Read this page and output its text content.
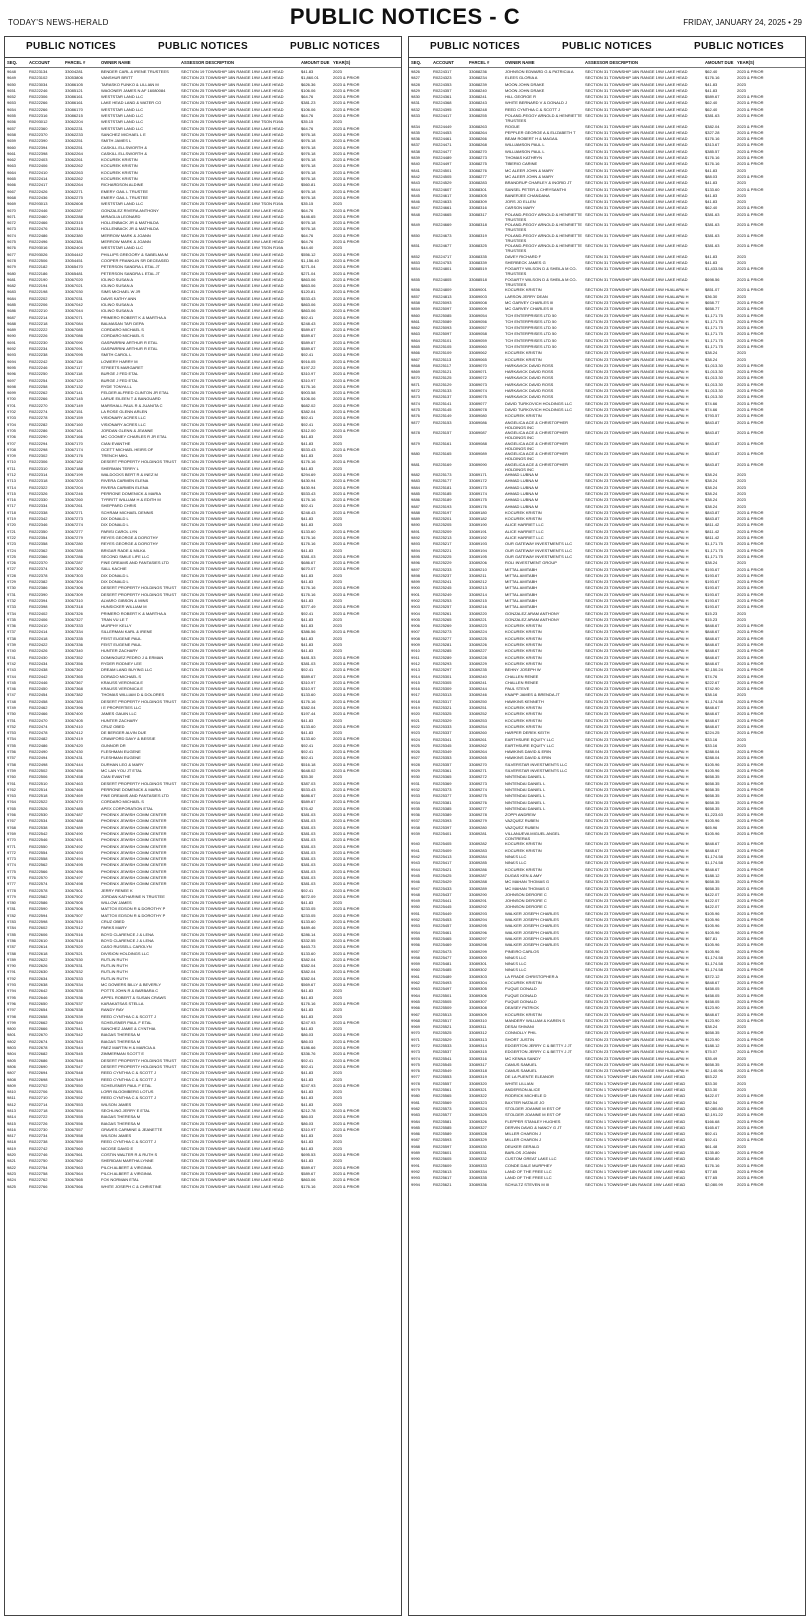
TODAY'S NEWS-HERALD	PUBLIC NOTICES - C	FRIDAY, JANUARY 24, 2025 • 29
PUBLIC NOTICES	PUBLIC NOTICES	PUBLIC NOTICES
SEQ.	ACCOUNT	PARCEL #	OWNER NAME	ASSESSOR DESCRIPTION	AMOUNT DUE YEAR(S)
9648	R0223134	33004281	BENDER CARL & IRENE TRUSTEES	SECTION 19 TOWNSHIP 18N RANGE 19W LAKE HEAD	$41.83	2023
9649	R0223102	33053806	VANSHUR BRITT	SECTION 23 TOWNSHIP 18N RANGE 19W LAKE HEAD	$1,860.01	2023 & PRIOR
9650	R0223034	33086105	TARASKO FUNKO & LILLIAN M	SECTION 25 TOWNSHIP 18N RANGE 19W LAKE HEAD	$626.36	2023 & PRIOR
9651	R0222246	33085121	WAGONER JAMES N AF 16080084	SECTION 25 TOWNSHIP 18N RANGE 19W LAKE HEAD	$106.06	2023 & PRIOR
9652	R0222306	33086161	WESTSTAR LAND LLC	SECTION 25 TOWNSHIP 18N RANGE 19W LAKE HEAD	$64.76	2023 & PRIOR
9653	R0222266	33086161	LAKE HEAD LAND & WATER CO	SECTION 25 TOWNSHIP 18N RANGE 19W LAKE HEAD	$381.23	2023 & PRIOR
9654	R0222266	33086170	WESTSTAR LAND LLC	SECTION 25 TOWNSHIP 18N RANGE 19W LAKE HEAD	$106.06	2023 & PRIOR
9655	R0222316	33086215	WESTSTAR LAND LLC	SECTION 25 TOWNSHIP 18N RANGE 19W LAKE HEAD	$64.76	2023 & PRIOR
9656	R0293012	33062204	WESTSTAR LAND LLC	SECTION 25 TOWNSHIP 18N RANGE 19W TSON R19A	$35.15	2023
9657	R0222360	33062231	WESTSTAR LAND LLC	SECTION 25 TOWNSHIP 18N RANGE 19W LAKE HEAD	$64.76	2023 & PRIOR
9658	R0222370	33062233	SANCHEZ MICHAEL L E	SECTION 25 TOWNSHIP 18N RANGE 19W LAKE HEAD	$976.18	2023 & PRIOR
9659	R0222390	33062251	SMITH JAMES L	SECTION 25 TOWNSHIP 18N RANGE 19W LAKE HEAD	$976.18	2023 & PRIOR
9660	R0222394	33062251	CASKILL ELLSWORTH &	SECTION 25 TOWNSHIP 18N RANGE 19W LAKE HEAD	$976.18	2023 & PRIOR
9661	R0222398	33062264	CASKILL ELLSWORTH &	SECTION 25 TOWNSHIP 18N RANGE 19W LAKE HEAD	$976.18	2023 & PRIOR
9662	R0222403	33062261	KOCUREK KRISTIN	SECTION 25 TOWNSHIP 18N RANGE 19W LAKE HEAD	$976.18	2023 & PRIOR
9663	R0222406	33062262	KOCUREK KRISTIN	SECTION 25 TOWNSHIP 18N RANGE 19W LAKE HEAD	$976.18	2023 & PRIOR
9664	R0222410	33062263	KOCUREK KRISTIN	SECTION 25 TOWNSHIP 18N RANGE 19W LAKE HEAD	$976.18	2023 & PRIOR
9665	R0222414	33062262	KOCUREK KRISTIN	SECTION 25 TOWNSHIP 18N RANGE 19W LAKE HEAD	$976.18	2023 & PRIOR
9666	R0222417	33062264	RICHARDSON ALDINE	SECTION 25 TOWNSHIP 18N RANGE 19W LAKE HEAD	$560.81	2023 & PRIOR
9667	R0222426	33062271	EMERY GAIL L TRUSTEE	SECTION 25 TOWNSHIP 18N RANGE 19W LAKE HEAD	$976.18	2023 & PRIOR
9668	R0222436	33062275	EMERY GAIL L TRUSTEE	SECTION 25 TOWNSHIP 18N RANGE 19W LAKE HEAD	$976.18	2023 & PRIOR
9669	R0293013	33062608	WESTSTAR LAND LLC	SECTION 25 TOWNSHIP 18N RANGE 19W TSON R19A	$35.15	2023
9670	R0222446	33062287	GONZALEZ RIVERA ANTHONY	SECTION 25 TOWNSHIP 18N RANGE 19W LAKE HEAD	$64.76	2023 & PRIOR
9671	R0222460	33062288	MIRAGLIA LEONARD	SECTION 25 TOWNSHIP 18N RANGE 19W LAKE HEAD	$446.65	2023 & PRIOR
9672	R0222466	33062315	HOLLENBACK JR & MATHILDA	SECTION 25 TOWNSHIP 18N RANGE 19W LAKE HEAD	$976.18	2023 & PRIOR
9673	R0222476	33062316	HOLLENBACK JR & MATHILDA	SECTION 25 TOWNSHIP 18N RANGE 19W LAKE HEAD	$976.18	2023 & PRIOR
9674	R0222486	33062380	MERROW MARK & JOANN	SECTION 25 TOWNSHIP 18N RANGE 19W LAKE HEAD	$64.76	2023 & PRIOR
9675	R0222496	33062381	MERROW MARK & JOANN	SECTION 25 TOWNSHIP 18N RANGE 19W LAKE HEAD	$64.76	2023 & PRIOR
9676	R0293016	33062404	WESTSTAR LAND LLC	SECTION 25 TOWNSHIP 18N RANGE 19W TSON R19A	$44.40	2023
9677	R0293026	33054442	PHILLIPS GREGORY & SABELMA M	SECTION 25 TOWNSHIP 18N RANGE 19W LAKE HEAD	$556.12	2023 & PRIOR
9678	R0222506	33054451	COOPER FRANKLIN SR DECEASED	SECTION 25 TOWNSHIP 18N RANGE 19W LAKE HEAD	$1,156.40	2023 & PRIOR
9679	R0222182	33065470	PETERSON SANDRA L ETAL JT	SECTION 25 TOWNSHIP 18N RANGE 19W LAKE HEAD	$271.04	2023 & PRIOR
9680	R0222186	33065481	PETERSON SANDRA L ETAL JT	SECTION 25 TOWNSHIP 18N RANGE 19W LAKE HEAD	$271.04	2023 & PRIOR
9681	R0222190	33067020	IOLINO SUSAN A	SECTION 25 TOWNSHIP 18N RANGE 19W LAKE HEAD	$863.06	2023 & PRIOR
9682	R0222194	33067021	IOLINO SUSAN A	SECTION 25 TOWNSHIP 18N RANGE 19W LAKE HEAD	$863.06	2023 & PRIOR
9683	R0222198	33067030	SIMS MICHAEL W JR	SECTION 25 TOWNSHIP 18N RANGE 19W LAKE HEAD	$120.81	2023 & PRIOR
9684	R0222202	33067031	DAVIS KATHY ANN	SECTION 25 TOWNSHIP 18N RANGE 19W LAKE HEAD	$533.43	2023 & PRIOR
9685	R0222206	33067042	IOLINO SUSAN A	SECTION 25 TOWNSHIP 18N RANGE 19W LAKE HEAD	$863.06	2023 & PRIOR
9686	R0222210	33067044	IOLINO SUSAN A	SECTION 25 TOWNSHIP 18N RANGE 19W LAKE HEAD	$863.06	2023 & PRIOR
9687	R0222214	33067071	PRIMERO ROBERT K & MARTHA A	SECTION 25 TOWNSHIP 18N RANGE 19W LAKE HEAD	$92.41	2023 & PRIOR
9688	R0222218	33067084	BALMASAN TAFI DEPA	SECTION 25 TOWNSHIP 18N RANGE 19W LAKE HEAD	$248.43	2023 & PRIOR
9689	R0222222	33067085	CORDARO MICHAEL S	SECTION 25 TOWNSHIP 18N RANGE 19W LAKE HEAD	$589.67	2023 & PRIOR
9690	R0222226	33067086	CORDARO MICHAEL S	SECTION 25 TOWNSHIP 18N RANGE 19W LAKE HEAD	$589.67	2023 & PRIOR
9691	R0222230	33067090	GASPARRINI ARTHUR R ETAL	SECTION 25 TOWNSHIP 18N RANGE 19W LAKE HEAD	$589.67	2023 & PRIOR
9692	R0222234	33067091	GASPARRINI ARTHUR R ETAL	SECTION 25 TOWNSHIP 18N RANGE 19W LAKE HEAD	$589.67	2023 & PRIOR
9693	R0222238	33067095	SMITH CAROL L	SECTION 25 TOWNSHIP 18N RANGE 19W LAKE HEAD	$92.41	2023 & PRIOR
9694	R0222242	33067116	LOWERY HARRY M	SECTION 25 TOWNSHIP 18N RANGE 19W LAKE HEAD	$916.05	2023 & PRIOR
9695	R0222246	33067117	STREETS MARGARET	SECTION 25 TOWNSHIP 18N RANGE 19W LAKE HEAD	$197.22	2023 & PRIOR
9696	R0222250	33067118	BURGE J FED ETAL	SECTION 25 TOWNSHIP 18N RANGE 19W LAKE HEAD	$310.97	2023 & PRIOR
9697	R0222254	33067120	BURGE J FED ETAL	SECTION 25 TOWNSHIP 18N RANGE 19W LAKE HEAD	$310.97	2023 & PRIOR
9698	R0222258	33067132	RYDE TONYA LL	SECTION 25 TOWNSHIP 18N RANGE 19W LAKE HEAD	$176.16	2023 & PRIOR
9699	R0222262	33067141	FELDER ALFRED CLINTON JR ETAL	SECTION 25 TOWNSHIP 18N RANGE 19W LAKE HEAD	$903.58	2023 & PRIOR
9700	R0222266	33067145	LARUE EILEEN T & BANGUARD	SECTION 25 TOWNSHIP 18N RANGE 19W LAKE HEAD	$106.06	2023 & PRIOR
9701	R0222270	33067149	MARSHALL PAUL R & JUANITA C	SECTION 25 TOWNSHIP 18N RANGE 19W LAKE HEAD	$682.02	2023 & PRIOR
9702	R0222274	33067151	LA ROSE GLENN ARLEN	SECTION 25 TOWNSHIP 18N RANGE 19W LAKE HEAD	$382.04	2023 & PRIOR
9703	R0222278	33067159	VISIONARY ACRES LLC	SECTION 25 TOWNSHIP 18N RANGE 19W LAKE HEAD	$92.41	2023 & PRIOR
9704	R0222282	33067160	VISIONARY ACRES LLC	SECTION 25 TOWNSHIP 18N RANGE 19W LAKE HEAD	$92.41	2023 & PRIOR
9705	R0222286	33067161	JORDAN GLENN & JEANNE	SECTION 25 TOWNSHIP 18N RANGE 19W LAKE HEAD	$312.00	2023 & PRIOR
9706	R0222290	33067166	MC COOMEY CHARLES R JR ETAL	SECTION 25 TOWNSHIP 18N RANGE 19W LAKE HEAD	$41.83	2023
9707	R0222294	33067170	CIAN EVANTHE	SECTION 25 TOWNSHIP 18N RANGE 19W LAKE HEAD	$41.83	2023
9708	R0222298	33067174	OCETT MICHAEL HEIRS OF	SECTION 25 TOWNSHIP 18N RANGE 19W LAKE HEAD	$533.43	2023 & PRIOR
9709	R0222302	33067176	TRENCH MIKL	SECTION 25 TOWNSHIP 18N RANGE 19W LAKE HEAD	$41.83	2023
9710	R0222306	33067182	DESERT PROPERTY HOLDINGS TRUST	SECTION 25 TOWNSHIP 18N RANGE 19W LAKE HEAD	$176.16	2023 & PRIOR
9711	R0222310	33067188	SHERMAN TERRY L	SECTION 25 TOWNSHIP 18N RANGE 19W LAKE HEAD	$41.83	2023
9712	R0222314	33067199	WALDOCKS BERT R & INEZ M	SECTION 25 TOWNSHIP 18N RANGE 19W LAKE HEAD	$294.69	2023 & PRIOR
9713	R0222318	33067203	RIVERA CARMEN ELENA	SECTION 25 TOWNSHIP 18N RANGE 19W LAKE HEAD	$430.94	2023 & PRIOR
9714	R0222322	33067204	RIVERA CARMEN ELENA	SECTION 25 TOWNSHIP 18N RANGE 19W LAKE HEAD	$430.94	2023 & PRIOR
9715	R0222326	33067246	PERRONE DOMENICK & MARIA	SECTION 25 TOWNSHIP 18N RANGE 19W LAKE HEAD	$533.43	2023 & PRIOR
9716	R0222330	33067260	TYRRITT WILLIAM H & EDITH M	SECTION 25 TOWNSHIP 18N RANGE 19W LAKE HEAD	$176.16	2023 & PRIOR
9717	R0222334	33067261	SHEPPARD CHRIS	SECTION 25 TOWNSHIP 18N RANGE 19W LAKE HEAD	$92.41	2023 & PRIOR
9718	R0222338	33067271	SCHRAM MICHAEL DENNIS	SECTION 25 TOWNSHIP 18N RANGE 19W LAKE HEAD	$248.43	2023 & PRIOR
9719	R0222342	33067273	DIX DONALD L	SECTION 25 TOWNSHIP 18N RANGE 19W LAKE HEAD	$41.83	2023
9720	R0222346	33067274	DIX DONALD L	SECTION 25 TOWNSHIP 18N RANGE 19W LAKE HEAD	$41.83	2023
9721	R0222350	33067277	PARISI CAROL LYN	SECTION 25 TOWNSHIP 18N RANGE 19W LAKE HEAD	$133.60	2023 & PRIOR
9722	R0222354	33067279	REYES GEORGE & DOROTHY	SECTION 25 TOWNSHIP 18N RANGE 19W LAKE HEAD	$176.16	2023 & PRIOR
9723	R0222358	33067280	REYES GEORGE & DOROTHY	SECTION 25 TOWNSHIP 18N RANGE 19W LAKE HEAD	$176.16	2023 & PRIOR
9724	R0222362	33067285	BRIGAR RADE & MILKA	SECTION 25 TOWNSHIP 18N RANGE 19W LAKE HEAD	$41.83	2023
9725	R0222366	33067286	SECOND SMILE LIFE LLC	SECTION 25 TOWNSHIP 18N RANGE 19W LAKE HEAD	$381.03	2023 & PRIOR
9726	R0222370	33067287	FINE DREAMS AND FANTASIES LTD	SECTION 25 TOWNSHIP 18N RANGE 19W LAKE HEAD	$686.67	2023 & PRIOR
9727	R0222374	33067302	SALL KACHIE	SECTION 25 TOWNSHIP 18N RANGE 19W LAKE HEAD	$670.07	2023 & PRIOR
9728	R0222378	33067303	DIX DONALD L	SECTION 25 TOWNSHIP 18N RANGE 19W LAKE HEAD	$41.83	2023
9729	R0222382	33067304	DIX DONALD L	SECTION 25 TOWNSHIP 18N RANGE 19W LAKE HEAD	$41.83	2023
9730	R0222386	33067306	DESERT PROPERTY HOLDINGS TRUST	SECTION 25 TOWNSHIP 18N RANGE 19W LAKE HEAD	$176.16	2023 & PRIOR
9731	R0222390	33067309	DESERT PROPERTY HOLDINGS TRUST	SECTION 25 TOWNSHIP 18N RANGE 19W LAKE HEAD	$176.16	2023 & PRIOR
9732	R0222394	33067310	ALVARO GIBSON & MINS	SECTION 25 TOWNSHIP 18N RANGE 19W LAKE HEAD	$41.83	2023
9733	R0222398	33067318	HUNSICKER WILLIAM M	SECTION 25 TOWNSHIP 18N RANGE 19W LAKE HEAD	$377.49	2023 & PRIOR
9734	R0222402	33067326	PRIMERO ROBERT K & MARTHA A	SECTION 25 TOWNSHIP 18N RANGE 19W LAKE HEAD	$92.41	2023 & PRIOR
9735	R0222406	33067327	TRAN VU LE T	SECTION 25 TOWNSHIP 18N RANGE 19W LAKE HEAD	$41.83	2023
9736	R0222410	33067333	MURPHY KELLY	SECTION 25 TOWNSHIP 18N RANGE 19W LAKE HEAD	$41.83	2023
9737	R0222414	33067334	SILLERMAN KARL & IRENE	SECTION 25 TOWNSHIP 18N RANGE 19W LAKE HEAD	$386.56	2023 & PRIOR
9738	R0222418	33067335	FEIST EUGENE PAUL	SECTION 25 TOWNSHIP 18N RANGE 19W LAKE HEAD	$41.83	2023
9739	R0222422	33067336	FEIST EUGENE PAUL	SECTION 25 TOWNSHIP 18N RANGE 19W LAKE HEAD	$41.83	2023
9740	R0222426	33067340	HUNTER ZACHARY	SECTION 25 TOWNSHIP 18N RANGE 19W LAKE HEAD	$41.83	2023
9741	R0222430	33067352	DOMINGUEZ PEDRO J & ERMAN	SECTION 25 TOWNSHIP 18N RANGE 19W LAKE HEAD	$481.53	2023 & PRIOR
9742	R0222434	33067356	RYDER RODNEY LEE	SECTION 25 TOWNSHIP 18N RANGE 19W LAKE HEAD	$381.03	2023 & PRIOR
9743	R0222438	33067362	DREAM LAND BUYING LLC	SECTION 25 TOWNSHIP 18N RANGE 19W LAKE HEAD	$92.41	2023 & PRIOR
9744	R0222442	33067365	DORADO MICHAEL S	SECTION 25 TOWNSHIP 18N RANGE 19W LAKE HEAD	$589.67	2023 & PRIOR
9745	R0222446	33067367	KRAUSS VERONICA E	SECTION 25 TOWNSHIP 18N RANGE 19W LAKE HEAD	$310.97	2023 & PRIOR
9746	R0222450	33067368	KRAUSS VERONICA E	SECTION 25 TOWNSHIP 18N RANGE 19W LAKE HEAD	$310.97	2023 & PRIOR
9747	R0222454	33067382	THOMAS WILLIAM D & DOLORES	SECTION 25 TOWNSHIP 18N RANGE 19W LAKE HEAD	$133.60	2023 & PRIOR
9748	R0222458	33067383	DESERT PROPERTY HOLDINGS TRUST	SECTION 25 TOWNSHIP 18N RANGE 19W LAKE HEAD	$176.16	2023 & PRIOR
9749	R0222462	33067396	I E PROPERTIES LLC	SECTION 25 TOWNSHIP 18N RANGE 19W LAKE HEAD	$382.04	2023 & PRIOR
9750	R0222466	33067400	JAMES GAUIN LLC	SECTION 25 TOWNSHIP 18N RANGE 19W LAKE HEAD	$197.44	2023 & PRIOR
9751	R0222470	33067405	HUNTER ZACHARY	SECTION 25 TOWNSHIP 18N RANGE 19W LAKE HEAD	$41.83	2023
9752	R0222474	33067410	CRUZ OBED	SECTION 25 TOWNSHIP 18N RANGE 19W LAKE HEAD	$133.60	2023 & PRIOR
9753	R0222478	33067412	DE BERGER ALVIN DUE	SECTION 25 TOWNSHIP 18N RANGE 19W LAKE HEAD	$41.83	2023
9754	R0222482	33067419	CRAWFORD DAVY & BESSIE	SECTION 25 TOWNSHIP 18N RANGE 19W LAKE HEAD	$133.60	2023 & PRIOR
9755	R0222486	33067420	GUNNOR DR	SECTION 25 TOWNSHIP 18N RANGE 19W LAKE HEAD	$92.41	2023 & PRIOR
9756	R0222490	33067430	FLESHMAN EUGENE	SECTION 25 TOWNSHIP 18N RANGE 19W LAKE HEAD	$92.41	2023 & PRIOR
9757	R0222494	33067431	FLESHMAN EUGENE	SECTION 25 TOWNSHIP 18N RANGE 19W LAKE HEAD	$92.41	2023 & PRIOR
9758	R0222498	33067444	DURHAN LEO & MARY	SECTION 25 TOWNSHIP 18N RANGE 19W LAKE HEAD	$516.18	2023 & PRIOR
9759	R0222502	33067456	MC LAN YOU JT ETAL	SECTION 25 TOWNSHIP 18N RANGE 19W LAKE HEAD	$648.02	2023 & PRIOR
9760	R0222506	33067458	CIAN EVANTHE	SECTION 25 TOWNSHIP 18N RANGE 19W LAKE HEAD	$35.30	2023
9761	R0222510	33067463	DESERT PROPERTY HOLDINGS TRUST	SECTION 25 TOWNSHIP 18N RANGE 19W LAKE HEAD	$387.03	2023 & PRIOR
9762	R0222514	33067466	PERRONE DOMENICK & MARIA	SECTION 25 TOWNSHIP 18N RANGE 19W LAKE HEAD	$533.43	2023 & PRIOR
9763	R0222518	33067469	FINE DREAMS AND FANTASIES LTD	SECTION 25 TOWNSHIP 18N RANGE 19W LAKE HEAD	$686.67	2023 & PRIOR
9764	R0222522	33067470	CORDARO MICHAEL S	SECTION 25 TOWNSHIP 18N RANGE 19W LAKE HEAD	$589.67	2023 & PRIOR
9765	R0222526	33067485	APEX CORPORATION ETAL	SECTION 25 TOWNSHIP 18N RANGE 19W LAKE HEAD	$76.42	2023 & PRIOR
9766	R0222530	33067487	PHOENIX JEWISH COMM CENTER	SECTION 25 TOWNSHIP 18N RANGE 19W LAKE HEAD	$381.03	2023 & PRIOR
9767	R0222534	33067488	PHOENIX JEWISH COMM CENTER	SECTION 25 TOWNSHIP 18N RANGE 19W LAKE HEAD	$381.03	2023 & PRIOR
9768	R0222538	33067489	PHOENIX JEWISH COMM CENTER	SECTION 25 TOWNSHIP 18N RANGE 19W LAKE HEAD	$381.03	2023 & PRIOR
9769	R0222542	33067490	PHOENIX JEWISH COMM CENTER	SECTION 25 TOWNSHIP 18N RANGE 19W LAKE HEAD	$381.03	2023 & PRIOR
9770	R0222546	33067491	PHOENIX JEWISH COMM CENTER	SECTION 25 TOWNSHIP 18N RANGE 19W LAKE HEAD	$381.03	2023 & PRIOR
9771	R0222550	33067492	PHOENIX JEWISH COMM CENTER	SECTION 25 TOWNSHIP 18N RANGE 19W LAKE HEAD	$381.03	2023 & PRIOR
9772	R0222554	33067493	PHOENIX JEWISH COMM CENTER	SECTION 25 TOWNSHIP 18N RANGE 19W LAKE HEAD	$381.03	2023 & PRIOR
9773	R0222558	33067494	PHOENIX JEWISH COMM CENTER	SECTION 25 TOWNSHIP 18N RANGE 19W LAKE HEAD	$381.03	2023 & PRIOR
9774	R0222562	33067495	PHOENIX JEWISH COMM CENTER	SECTION 25 TOWNSHIP 18N RANGE 19W LAKE HEAD	$381.03	2023 & PRIOR
9775	R0222566	33067496	PHOENIX JEWISH COMM CENTER	SECTION 25 TOWNSHIP 18N RANGE 19W LAKE HEAD	$381.03	2023 & PRIOR
9776	R0222570	33067497	PHOENIX JEWISH COMM CENTER	SECTION 25 TOWNSHIP 18N RANGE 19W LAKE HEAD	$381.03	2023 & PRIOR
9777	R0222574	33067498	PHOENIX JEWISH COMM CENTER	SECTION 25 TOWNSHIP 18N RANGE 19W LAKE HEAD	$381.03	2023 & PRIOR
9778	R0222578	33067501	JERRY RENEE K	SECTION 25 TOWNSHIP 18N RANGE 19W LAKE HEAD	$92.41	2023 & PRIOR
9779	R0222582	33067502	JORDAN KATHARINE N TRUSTEE	SECTION 25 TOWNSHIP 18N RANGE 19W LAKE HEAD	$672.09	2023 & PRIOR
9780	R0222586	33067505	WILLOW JAMES	SECTION 25 TOWNSHIP 18N RANGE 19W LAKE HEAD	$41.83	2023
9781	R0222590	33067506	MATTOX EDSON R & DOROTHY P	SECTION 25 TOWNSHIP 18N RANGE 19W LAKE HEAD	$233.05	2023 & PRIOR
9782	R0222594	33067507	MATTOX EDSON R & DOROTHY P	SECTION 25 TOWNSHIP 18N RANGE 19W LAKE HEAD	$233.05	2023 & PRIOR
9783	R0222598	33067510	CRUZ OBED	SECTION 25 TOWNSHIP 18N RANGE 19W LAKE HEAD	$133.60	2023 & PRIOR
9784	R0222602	33067512	PARKS MARY	SECTION 25 TOWNSHIP 18N RANGE 19W LAKE HEAD	$489.46	2023 & PRIOR
9785	R0222606	33067516	BOYD CLARENCE J & LENA	SECTION 25 TOWNSHIP 18N RANGE 19W LAKE HEAD	$286.14	2023 & PRIOR
9786	R0222610	33067518	BOYD CLARENCE J & LENA	SECTION 25 TOWNSHIP 18N RANGE 19W LAKE HEAD	$332.55	2023 & PRIOR
9787	R0222614	33067520	CASO RUSSELL CAROLYN	SECTION 25 TOWNSHIP 18N RANGE 19W LAKE HEAD	$463.73	2023 & PRIOR
9788	R0222618	33067521	DIVISION HOLDINGS LLC	SECTION 25 TOWNSHIP 18N RANGE 19W LAKE HEAD	$133.60	2023 & PRIOR
9789	R0222622	33067530	RUTLIN RUTH	SECTION 25 TOWNSHIP 18N RANGE 19W LAKE HEAD	$382.04	2023 & PRIOR
9790	R0222626	33067531	RUTLIN RUTH	SECTION 25 TOWNSHIP 18N RANGE 19W LAKE HEAD	$382.04	2023 & PRIOR
9791	R0222630	33067532	RUTLIN RUTH	SECTION 25 TOWNSHIP 18N RANGE 19W LAKE HEAD	$382.04	2023 & PRIOR
9792	R0222634	33067533	RUTLIN RUTH	SECTION 25 TOWNSHIP 18N RANGE 19W LAKE HEAD	$382.04	2023 & PRIOR
9793	R0222638	33067534	MC DOWERS BILLY & BEVERLY	SECTION 25 TOWNSHIP 18N RANGE 19W LAKE HEAD	$569.67	2023 & PRIOR
9794	R0222642	33067535	POTTS JOHN R & BARBARA C	SECTION 25 TOWNSHIP 18N RANGE 19W LAKE HEAD	$41.83	2023
9795	R0222646	33067536	APPEL ROBERT & SUSAN CRAWS	SECTION 25 TOWNSHIP 18N RANGE 19W LAKE HEAD	$41.83	2023
9796	R0222650	33067537	KARAKATSAS STELLA	SECTION 25 TOWNSHIP 18N RANGE 19W LAKE HEAD	$176.16	2023 & PRIOR
9797	R0222654	33067538	RANDY RAY	SECTION 25 TOWNSHIP 18N RANGE 19W LAKE HEAD	$41.83	2023
9798	R0222658	33067539	REED CYNTHIA C & SCOTT J	SECTION 25 TOWNSHIP 18N RANGE 19W LAKE HEAD	$41.83	2023
9799	R0222662	33067540	SCHEUSNER PAUL F ETAL	SECTION 25 TOWNSHIP 18N RANGE 19W LAKE HEAD	$247.93	2023 & PRIOR
9800	R0222666	33067541	SANCHEZ JAMIE & CYNTHIA	SECTION 25 TOWNSHIP 18N RANGE 19W LAKE HEAD	$41.83	2023
9801	R0222670	33067542	BIAGAS THERESA M	SECTION 25 TOWNSHIP 18N RANGE 19W LAKE HEAD	$86.03	2023 & PRIOR
9802	R0222674	33067543	BIAGAS THERESA M	SECTION 25 TOWNSHIP 18N RANGE 19W LAKE HEAD	$86.03	2023 & PRIOR
9803	R0222678	33067544	PAEZ MARTIN H & MARCIA A	SECTION 25 TOWNSHIP 18N RANGE 19W LAKE HEAD	$186.66	2023 & PRIOR
9804	R0222682	33067545	ZIMMERMAN SCOTT E	SECTION 25 TOWNSHIP 18N RANGE 19W LAKE HEAD	$336.76	2023 & PRIOR
9805	R0222686	33067546	DESERT PROPERTY HOLDINGS TRUST	SECTION 25 TOWNSHIP 18N RANGE 19W LAKE HEAD	$92.41	2023 & PRIOR
9806	R0222690	33067547	DESERT PROPERTY HOLDINGS TRUST	SECTION 25 TOWNSHIP 18N RANGE 19W LAKE HEAD	$92.41	2023 & PRIOR
9807	R0222694	33067548	REED CYNTHIA C & SCOTT J	SECTION 25 TOWNSHIP 18N RANGE 19W LAKE HEAD	$41.83	2023
9808	R0222698	33067549	REED CYNTHIA C & SCOTT J	SECTION 25 TOWNSHIP 18N RANGE 19W LAKE HEAD	$41.83	2023
9809	R0222702	33067550	SCHEUSNER PAUL F ETAL	SECTION 25 TOWNSHIP 18N RANGE 19W LAKE HEAD	$247.93	2023 & PRIOR
9810	R0222706	33067551	LORR BLOOMBERG LOTUS	SECTION 25 TOWNSHIP 18N RANGE 19W LAKE HEAD	$41.83	2023
9811	R0222710	33067552	REED CYNTHIA C & SCOTT J	SECTION 25 TOWNSHIP 18N RANGE 19W LAKE HEAD	$41.83	2023
9812	R0222714	33067553	WILSON JAMES	SECTION 25 TOWNSHIP 18N RANGE 19W LAKE HEAD	$41.83	2023
9813	R0222718	33067554	SECHLING JERRY E ETAL	SECTION 25 TOWNSHIP 18N RANGE 19W LAKE HEAD	$212.78	2023 & PRIOR
9814	R0222722	33067555	BIAGAS THERESA M	SECTION 25 TOWNSHIP 18N RANGE 19W LAKE HEAD	$86.03	2023 & PRIOR
9815	R0222726	33067556	BIAGAS THERESA M	SECTION 25 TOWNSHIP 18N RANGE 19W LAKE HEAD	$86.03	2023 & PRIOR
9816	R0222730	33067557	GRAVES CARMINE & JEANETTE	SECTION 25 TOWNSHIP 18N RANGE 19W LAKE HEAD	$310.97	2023 & PRIOR
9817	R0222734	33067558	WILSON JAMES	SECTION 25 TOWNSHIP 18N RANGE 19W LAKE HEAD	$41.83	2023
9818	R0222738	33067559	REED CYNTHIA C & SCOTT J	SECTION 25 TOWNSHIP 18N RANGE 19W LAKE HEAD	$41.83	2023
9819	R0222742	33067560	NICOSE DAVID E	SECTION 25 TOWNSHIP 18N RANGE 19W LAKE HEAD	$41.83	2023
9820	R0222746	33067561	COSTIN WALTER R & RUTH S	SECTION 25 TOWNSHIP 18N RANGE 19W LAKE HEAD	$695.53	2023 & PRIOR
9821	R0222750	33067562	SHERIDAN MARTHA LYNNE	SECTION 25 TOWNSHIP 18N RANGE 19W LAKE HEAD	$41.83	2023
9822	R0222754	33067563	PILCH ALBERT & VIRGINIA	SECTION 25 TOWNSHIP 18N RANGE 19W LAKE HEAD	$589.67	2023 & PRIOR
9823	R0222758	33067564	PILCH ALBERT & VIRGINIA	SECTION 25 TOWNSHIP 18N RANGE 19W LAKE HEAD	$589.67	2023 & PRIOR
9824	R0222762	33067565	FOX NORMAN ETAL	SECTION 25 TOWNSHIP 18N RANGE 19W LAKE HEAD	$863.06	2023 & PRIOR
9825	R0222766	33067566	WHITE JOSEPH C & CHRISTINE	SECTION 25 TOWNSHIP 18N RANGE 19W LAKE HEAD	$176.16	2023 & PRIOR
PUBLIC NOTICES	PUBLIC NOTICES	PUBLIC NOTICES
SEQ.	ACCOUNT	PARCEL #	OWNER NAME	ASSESSOR DESCRIPTION	AMOUNT DUE YEAR(S)
9826	R0224317	33088236	JOHNSON EDWARD G & PATRICIA A	SECTION 31 TOWNSHIP 18N RANGE 19W LAKE HEAD	$62.40	2023 & PRIOR
9827	R0224323	33088234	ELEES GLORIA A	SECTION 31 TOWNSHIP 18N RANGE 19W LAKE HEAD	$176.16	2023 & PRIOR
9828	R0224353	33088239	MOON JOHN DRAKE	SECTION 31 TOWNSHIP 18N RANGE 19W LAKE HEAD	$41.83	2023
9829	R0224357	33088240	MOON JOHN DRAKE	SECTION 31 TOWNSHIP 18N RANGE 19W LAKE HEAD	$41.83	2023
9830	R0224361	33088241	HILL GEORGE R	SECTION 31 TOWNSHIP 18N RANGE 19W LAKE HEAD	$589.67	2023 & PRIOR
9831	R0224368	33088243	WHITE BERNARD V & DONALD J	SECTION 31 TOWNSHIP 18N RANGE 19W LAKE HEAD	$62.40	2023 & PRIOR
9832	R0224395	33088248	REED CYNTHIA C & SCOTT J	SECTION 31 TOWNSHIP 18N RANGE 19W LAKE HEAD	$62.40	2023 & PRIOR
9833	R0224417	33088255	POLAND-PEGGY ARNOLD & HENRIETTE TRUSTEES
SECTION 31 TOWNSHIP 18N RANGE 19W LAKE HEAD	$381.63	2023 & PRIOR
9834	R0224449	33088263	ROGUE	SECTION 31 TOWNSHIP 18N RANGE 19W LAKE HEAD	$382.04	2023 & PRIOR
9835	R0224453	33088264	PEPPLER GEORGE A & ELIZABETH T	SECTION 31 TOWNSHIP 18N RANGE 19W LAKE HEAD	$327.28	2023 & PRIOR
9836	R0224461	33088266	BEAM ROBERT H & MAGAIL	SECTION 31 TOWNSHIP 18N RANGE 19W LAKE HEAD	$176.16	2023 & PRIOR
9837	R0224471	33088268	WILLIAMSON PAUL L	SECTION 31 TOWNSHIP 18N RANGE 19W LAKE HEAD	$313.67	2023 & PRIOR
9838	R0224477	33088270	WILLIAMSON PAUL L	SECTION 31 TOWNSHIP 18N RANGE 19W LAKE HEAD	$385.57	2023 & PRIOR
9839	R0224489	33088273	THOMAS KATHRYN	SECTION 31 TOWNSHIP 18N RANGE 19W LAKE HEAD	$176.16	2023 & PRIOR
9840	R0224497	33088275	TIBERIO CARINE	SECTION 31 TOWNSHIP 18N RANGE 19W LAKE HEAD	$176.16	2023 & PRIOR
9841	R0224501	33088276	MC ALEER JOHN & MARY	SECTION 31 TOWNSHIP 18N RANGE 19W LAKE HEAD	$41.83	2023
9842	R0224505	33088277	MC ALEER JOHN & MARY	SECTION 31 TOWNSHIP 18N RANGE 19W LAKE HEAD	$88.03	2023 & PRIOR
9843	R0224529	33088283	BRANDRUP CHARLEY & INGRID JT	SECTION 31 TOWNSHIP 18N RANGE 19W LAKE HEAD	$41.83	2023
9844	R0224607	33088301	SANSEL PETER & CHRYSANTHI	SECTION 31 TOWNSHIP 18N RANGE 19W LAKE HEAD	$133.60	2023 & PRIOR
9845	R0224617	33088305	BANERJEE CHANDANA	SECTION 31 TOWNSHIP 18N RANGE 19W LAKE HEAD	$41.83	2023
9846	R0224633	33088309	JORS JO ELLEN	SECTION 31 TOWNSHIP 18N RANGE 19W LAKE HEAD	$41.83	2023
9847	R0224661	33088316	CARSON MARY	SECTION 31 TOWNSHIP 18N RANGE 19W LAKE HEAD	$62.40	2023 & PRIOR
9848	R0224665	33088317	POLAND-PEGGY ARNOLD & HENRIETTE TRUSTEES
SECTION 31 TOWNSHIP 18N RANGE 19W LAKE HEAD	$381.63	2023 & PRIOR
9849	R0224669	33088318	POLAND-PEGGY ARNOLD & HENRIETTE TRUSTEES
SECTION 31 TOWNSHIP 18N RANGE 19W LAKE HEAD	$381.63	2023 & PRIOR
9850	R0224673	33088319	POLAND-PEGGY ARNOLD & HENRIETTE TRUSTEES
SECTION 31 TOWNSHIP 18N RANGE 19W LAKE HEAD	$381.63	2023 & PRIOR
9851	R0224677	33088325	POLAND-PEGGY ARNOLD & HENRIETTE TRUSTEES
SECTION 31 TOWNSHIP 18N RANGE 19W LAKE HEAD	$381.63	2023 & PRIOR
9852	R0224717	33088335	DAVEY RICHARD F	SECTION 31 TOWNSHIP 18N RANGE 19W LAKE HEAD	$41.83	2023
9853	R0224753	33088339	SHERBECK JAMES G	SECTION 31 TOWNSHIP 18N RANGE 19W LAKE HEAD	$41.83	2023
9854	R0224801	33088519	FOGARTY WILSON D & SHEILA M CO-TRUSTEES
SECTION 31 TOWNSHIP 18N RANGE 19W LAKE HEAD	$1,433.56	2023 & PRIOR
9855	R0224805	33088518	FOGARTY WILSON D & SHEILA M CO-TRUSTEES
SECTION 31 TOWNSHIP 18N RANGE 19W LAKE HEAD	$698.56	2023 & PRIOR
9856	R0224809	33089001	KOCUREK KRISTIN	SECTION 23 TOWNSHIP 18N RANGE 19W HUALAPAI H	$851.07	2023 & PRIOR
9857	R0224813	33089003	LARSON JERRY DEAN	SECTION 23 TOWNSHIP 18N RANGE 19W HUALAPAI H	$36.30	2023
9858	R0225093	33089008	MC GARVEY CHARLES III	SECTION 23 TOWNSHIP 18N RANGE 19W HUALAPAI H	$658.77	2023 & PRIOR
9859	R0225097	33089009	MC GARVEY CHARLES III	SECTION 23 TOWNSHIP 18N RANGE 19W HUALAPAI H	$658.77	2023 & PRIOR
9860	R0225085	33089054	TCH ENTERPRISES LTD 50	SECTION 23 TOWNSHIP 18N RANGE 19W HUALAPAI H	$1,171.75	2023 & PRIOR
9861	R0225089	33089056	TCH ENTERPRISES LTD 50	SECTION 23 TOWNSHIP 18N RANGE 19W HUALAPAI H	$1,171.75	2023 & PRIOR
9862	R0225093	33089057	TCH ENTERPRISES LTD 50	SECTION 23 TOWNSHIP 18N RANGE 19W HUALAPAI H	$1,171.75	2023 & PRIOR
9863	R0225097	33089058	TCH ENTERPRISES LTD 50	SECTION 23 TOWNSHIP 18N RANGE 19W HUALAPAI H	$1,171.75	2023 & PRIOR
9864	R0225101	33089059	TCH ENTERPRISES LTD 50	SECTION 23 TOWNSHIP 18N RANGE 19W HUALAPAI H	$1,171.75	2023 & PRIOR
9865	R0225105	33089060	TCH ENTERPRISES LTD 50	SECTION 23 TOWNSHIP 18N RANGE 19W HUALAPAI H	$1,171.75	2023 & PRIOR
9866	R0225109	33089062	KOCUREK KRISTIN	SECTION 23 TOWNSHIP 18N RANGE 19W HUALAPAI H	$38.24	2023
9867	R0225113	33089065	KOCUREK KRISTIN	SECTION 23 TOWNSHIP 18N RANGE 19W HUALAPAI H	$38.24	2023
9868	R0225117	33089070	HARKAVICK DAVID ROSS	SECTION 23 TOWNSHIP 18N RANGE 19W HUALAPAI H	$1,013.30	2023 & PRIOR
9869	R0225121	33089071	HARKAVICK DAVID ROSS	SECTION 23 TOWNSHIP 18N RANGE 19W HUALAPAI H	$1,013.30	2023 & PRIOR
9870	R0225125	33089072	HARKAVICK DAVID ROSS	SECTION 23 TOWNSHIP 18N RANGE 19W HUALAPAI H	$1,013.30	2023 & PRIOR
9871	R0225129	33089073	HARKAVICK DAVID ROSS	SECTION 23 TOWNSHIP 18N RANGE 19W HUALAPAI H	$1,013.30	2023 & PRIOR
9872	R0225133	33089074	HARKAVICK DAVID ROSS	SECTION 23 TOWNSHIP 18N RANGE 19W HUALAPAI H	$1,013.30	2023 & PRIOR
9873	R0225137	33089075	HARKAVICK DAVID ROSS	SECTION 23 TOWNSHIP 18N RANGE 19W HUALAPAI H	$1,013.30	2023 & PRIOR
9874	R0225141	33089077	DAVID TURKOVICH HOLDINGS LLC	SECTION 23 TOWNSHIP 18N RANGE 19W HUALAPAI H	$74.66	2023 & PRIOR
9875	R0225145	33089078	DAVID TURKOVICH HOLDINGS LLC	SECTION 23 TOWNSHIP 18N RANGE 19W HUALAPAI H	$74.66	2023 & PRIOR
9876	R0225149	33089080	KOCUREK KRISTIN	SECTION 23 TOWNSHIP 18N RANGE 19W HUALAPAI H	$793.57	2023 & PRIOR
9877	R0225153	33089086	ANGELICA ACE & CHRISTOPHER HOLDINGS INC
SECTION 23 TOWNSHIP 18N RANGE 19W HUALAPAI H	$843.87	2023 & PRIOR
9878	R0225157	33089087	ANGELICA ACE & CHRISTOPHER HOLDINGS INC
SECTION 23 TOWNSHIP 18N RANGE 19W HUALAPAI H	$843.87	2023 & PRIOR
9879	R0225161	33089088	ANGELICA ACE & CHRISTOPHER HOLDINGS INC
SECTION 23 TOWNSHIP 18N RANGE 19W HUALAPAI H	$843.87	2023 & PRIOR
9880	R0225165	33089089	ANGELICA ACE & CHRISTOPHER HOLDINGS INC
SECTION 23 TOWNSHIP 18N RANGE 19W HUALAPAI H	$843.87	2023 & PRIOR
9881	R0225169	33089090	ANGELICA ACE & CHRISTOPHER HOLDINGS INC
SECTION 23 TOWNSHIP 18N RANGE 19W HUALAPAI H	$843.87	2023 & PRIOR
9882	R0225173	33089171	AHMAD LUBNA M	SECTION 23 TOWNSHIP 18N RANGE 19W HUALAPAI H	$38.24	2023
9883	R0225177	33089172	AHMAD LUBNA M	SECTION 23 TOWNSHIP 18N RANGE 19W HUALAPAI H	$38.24	2023
9884	R0225181	33089173	AHMAD LUBNA M	SECTION 23 TOWNSHIP 18N RANGE 19W HUALAPAI H	$38.24	2023
9885	R0225185	33089174	AHMAD LUBNA M	SECTION 23 TOWNSHIP 18N RANGE 19W HUALAPAI H	$38.24	2023
9886	R0225189	33089175	AHMAD LUBNA M	SECTION 23 TOWNSHIP 18N RANGE 19W HUALAPAI H	$38.24	2023
9887	R0225193	33089176	AHMAD LUBNA M	SECTION 23 TOWNSHIP 18N RANGE 19W HUALAPAI H	$38.24	2023
9888	R0225197	33089180	KOCUREK KRISTIN	SECTION 23 TOWNSHIP 18N RANGE 19W HUALAPAI H	$843.87	2023 & PRIOR
9889	R0225201	33089182	KOCUREK KRISTIN	SECTION 23 TOWNSHIP 18N RANGE 19W HUALAPAI H	$843.87	2023 & PRIOR
9890	R0225205	33089190	ALICE HARRIET LLC	SECTION 23 TOWNSHIP 18N RANGE 19W HUALAPAI H	$811.42	2023 & PRIOR
9891	R0225209	33089191	ALICE HARRIET LLC	SECTION 23 TOWNSHIP 18N RANGE 19W HUALAPAI H	$811.42	2023 & PRIOR
9892	R0225213	33089192	ALICE HARRIET LLC	SECTION 23 TOWNSHIP 18N RANGE 19W HUALAPAI H	$811.42	2023 & PRIOR
9893	R0225217	33089193	OUR GATEWAY INVESTMENTS LLC	SECTION 23 TOWNSHIP 18N RANGE 19W HUALAPAI H	$1,171.75	2023 & PRIOR
9894	R0225221	33089194	OUR GATEWAY INVESTMENTS LLC	SECTION 23 TOWNSHIP 18N RANGE 19W HUALAPAI H	$1,171.75	2023 & PRIOR
9895	R0225225	33089195	OUR GATEWAY INVESTMENTS LLC	SECTION 23 TOWNSHIP 18N RANGE 19W HUALAPAI H	$1,171.75	2023 & PRIOR
9896	R0225229	33089206	ROLI INVESTMENT GROUP	SECTION 23 TOWNSHIP 18N RANGE 19W HUALAPAI H	$38.24	2023
9897	R0225233	33089210	MITTAL AMITABH	SECTION 23 TOWNSHIP 18N RANGE 19W HUALAPAI H	$193.67	2023 & PRIOR
9898	R0225237	33089211	MITTAL AMITABH	SECTION 23 TOWNSHIP 18N RANGE 19W HUALAPAI H	$193.67	2023 & PRIOR
9899	R0225241	33089212	MITTAL AMITABH	SECTION 23 TOWNSHIP 18N RANGE 19W HUALAPAI H	$193.67	2023 & PRIOR
9900	R0225245	33089213	MITTAL AMITABH	SECTION 23 TOWNSHIP 18N RANGE 19W HUALAPAI H	$193.67	2023 & PRIOR
9901	R0225249	33089214	MITTAL AMITABH	SECTION 23 TOWNSHIP 18N RANGE 19W HUALAPAI H	$193.67	2023 & PRIOR
9902	R0225253	33089215	MITTAL AMITABH	SECTION 23 TOWNSHIP 18N RANGE 19W HUALAPAI H	$193.67	2023 & PRIOR
9903	R0225257	33089216	MITTAL AMITABH	SECTION 23 TOWNSHIP 18N RANGE 19W HUALAPAI H	$193.67	2023 & PRIOR
9904	R0225261	33089220	GONZALEZ ARAM ANTHONY	SECTION 23 TOWNSHIP 18N RANGE 19W HUALAPAI H	$15.23	2023
9905	R0225265	33089221	GONZALEZ ARAM ANTHONY	SECTION 23 TOWNSHIP 18N RANGE 19W HUALAPAI H	$15.23	2023
9906	R0225269	33089223	KOCUREK KRISTIN	SECTION 23 TOWNSHIP 18N RANGE 19W HUALAPAI H	$848.67	2023 & PRIOR
9907	R0225273	33089224	KOCUREK KRISTIN	SECTION 23 TOWNSHIP 18N RANGE 19W HUALAPAI H	$848.67	2023 & PRIOR
9908	R0225277	33089225	KOCUREK KRISTIN	SECTION 23 TOWNSHIP 18N RANGE 19W HUALAPAI H	$848.67	2023 & PRIOR
9909	R0225281	33089226	KOCUREK KRISTIN	SECTION 23 TOWNSHIP 18N RANGE 19W HUALAPAI H	$848.67	2023 & PRIOR
9910	R0225285	33089227	KOCUREK KRISTIN	SECTION 23 TOWNSHIP 18N RANGE 19W HUALAPAI H	$848.67	2023 & PRIOR
9911	R0225289	33089228	KOCUREK KRISTIN	SECTION 23 TOWNSHIP 18N RANGE 19W HUALAPAI H	$848.67	2023 & PRIOR
9912	R0225293	33089229	KOCUREK KRISTIN	SECTION 23 TOWNSHIP 18N RANGE 19W HUALAPAI H	$848.67	2023 & PRIOR
9913	R0225297	33089235	BEHNY JOSEPH W	SECTION 23 TOWNSHIP 18N RANGE 19W HUALAPAI H	$2,150.24	2023 & PRIOR
9914	R0225301	33089240	CHALLEN RENEE	SECTION 23 TOWNSHIP 18N RANGE 19W HUALAPAI H	$74.76	2023 & PRIOR
9915	R0225305	33089241	CHALLEN RENEE	SECTION 23 TOWNSHIP 18N RANGE 19W HUALAPAI H	$222.67	2023 & PRIOR
9916	R0225309	33089244	PAUL STEVE	SECTION 23 TOWNSHIP 18N RANGE 19W HUALAPAI H	$742.90	2023 & PRIOR
9917	R0225313	33089246	KNAPP JAMES & BRENDA JT	SECTION 23 TOWNSHIP 18N RANGE 19W HUALAPAI H	$38.16	2023
9918	R0225317	33089250	HAWKINS KENNETH	SECTION 23 TOWNSHIP 18N RANGE 19W HUALAPAI H	$1,174.58	2023 & PRIOR
9919	R0225321	33089251	KOCUREK KRISTIN	SECTION 23 TOWNSHIP 18N RANGE 19W HUALAPAI H	$848.67	2023 & PRIOR
9920	R0225325	33089252	KOCUREK KRISTIN	SECTION 23 TOWNSHIP 18N RANGE 19W HUALAPAI H	$848.67	2023 & PRIOR
9921	R0225329	33089253	KOCUREK KRISTIN	SECTION 23 TOWNSHIP 18N RANGE 19W HUALAPAI H	$848.67	2023 & PRIOR
9922	R0225333	33089254	KOCUREK KRISTIN	SECTION 23 TOWNSHIP 18N RANGE 19W HUALAPAI H	$848.67	2023 & PRIOR
9923	R0225337	33089260	HARPER DEREK KEITH	SECTION 23 TOWNSHIP 18N RANGE 19W HUALAPAI H	$224.25	2023 & PRIOR
9924	R0225341	33089261	EARTHSURE EQUITY LLC	SECTION 23 TOWNSHIP 18N RANGE 19W HUALAPAI H	$33.16	2023
9925	R0225345	33089262	EARTHSURE EQUITY LLC	SECTION 23 TOWNSHIP 18N RANGE 19W HUALAPAI H	$33.16	2023
9926	R0225349	33089264	HAWKINS DAVID & ERIN	SECTION 23 TOWNSHIP 18N RANGE 19W HUALAPAI H	$288.04	2023 & PRIOR
9927	R0225353	33089265	HAWKINS DAVID & ERIN	SECTION 23 TOWNSHIP 18N RANGE 19W HUALAPAI H	$288.04	2023 & PRIOR
9928	R0225357	33089270	SILVERSTAR INVESTMENTS LLC	SECTION 23 TOWNSHIP 18N RANGE 19W HUALAPAI H	$105.96	2023 & PRIOR
9929	R0225361	33089271	SILVERSTAR INVESTMENTS LLC	SECTION 23 TOWNSHIP 18N RANGE 19W HUALAPAI H	$105.96	2023 & PRIOR
9930	R0225365	33089272	NINTENDAI DANIEL L	SECTION 23 TOWNSHIP 18N RANGE 19W HUALAPAI H	$658.35	2023 & PRIOR
9931	R0225369	33089273	NINTENDAI DANIEL L	SECTION 23 TOWNSHIP 18N RANGE 19W HUALAPAI H	$658.35	2023 & PRIOR
9932	R0225373	33089274	NINTENDAI DANIEL L	SECTION 23 TOWNSHIP 18N RANGE 19W HUALAPAI H	$658.35	2023 & PRIOR
9933	R0225377	33089275	NINTENDAI DANIEL L	SECTION 23 TOWNSHIP 18N RANGE 19W HUALAPAI H	$658.35	2023 & PRIOR
9934	R0225381	33089276	NINTENDAI DANIEL L	SECTION 23 TOWNSHIP 18N RANGE 19W HUALAPAI H	$658.35	2023 & PRIOR
9935	R0225385	33089277	NINTENDAI DANIEL L	SECTION 23 TOWNSHIP 18N RANGE 19W HUALAPAI H	$658.35	2023 & PRIOR
9936	R0225389	33089278	ZOPPI ANDREW	SECTION 23 TOWNSHIP 18N RANGE 19W HUALAPAI H	$1,223.63	2023 & PRIOR
9937	R0225393	33089279	VAZQUEZ RUBEN	SECTION 23 TOWNSHIP 18N RANGE 19W HUALAPAI H	$105.96	2023 & PRIOR
9938	R0225397	33089280	VAZQUEZ RUBEN	SECTION 23 TOWNSHIP 18N RANGE 19W HUALAPAI H	$65.96	2023 & PRIOR
9939	R0225401	33089281	VILLANUEVA MIGUEL ANGEL CONTRERAS
SECTION 23 TOWNSHIP 18N RANGE 19W HUALAPAI H	$105.96	2023 & PRIOR
9940	R0225405	33089282	KOCUREK KRISTIN	SECTION 23 TOWNSHIP 18N RANGE 19W HUALAPAI H	$848.67	2023 & PRIOR
9941	R0225409	33089283	KOCUREK KRISTIN	SECTION 23 TOWNSHIP 18N RANGE 19W HUALAPAI H	$848.67	2023 & PRIOR
9942	R0225413	33089284	NINA'S LLC	SECTION 23 TOWNSHIP 18N RANGE 19W HUALAPAI H	$1,174.58	2023 & PRIOR
9943	R0225417	33089285	NINA'S LLC	SECTION 23 TOWNSHIP 18N RANGE 19W HUALAPAI H	$1,174.58	2023 & PRIOR
9944	R0225421	33089286	KOCUREK KRISTIN	SECTION 23 TOWNSHIP 18N RANGE 19W HUALAPAI H	$848.67	2023 & PRIOR
9945	R0225425	33089287	DUGAS KEN & AMY	SECTION 23 TOWNSHIP 18N RANGE 19W HUALAPAI H	$188.12	2023 & PRIOR
9946	R0225429	33089288	MC MAHAN THOMAS G	SECTION 23 TOWNSHIP 18N RANGE 19W HUALAPAI H	$658.35	2023 & PRIOR
9947	R0225433	33089289	MC MAHAN THOMAS G	SECTION 23 TOWNSHIP 18N RANGE 19W HUALAPAI H	$658.35	2023 & PRIOR
9948	R0225437	33089290	JOHNSON DERORE C	SECTION 23 TOWNSHIP 18N RANGE 19W HUALAPAI H	$422.07	2023 & PRIOR
9949	R0225441	33089291	JOHNSON DERORE C	SECTION 23 TOWNSHIP 18N RANGE 19W HUALAPAI H	$422.07	2023 & PRIOR
9950	R0225445	33089292	JOHNSON DERORE C	SECTION 23 TOWNSHIP 18N RANGE 19W HUALAPAI H	$422.07	2023 & PRIOR
9951	R0225449	33089293	WALKER JOSEPH CHARLES	SECTION 23 TOWNSHIP 18N RANGE 19W HUALAPAI H	$105.96	2023 & PRIOR
9952	R0225453	33089294	WALKER JOSEPH CHARLES	SECTION 23 TOWNSHIP 18N RANGE 19W HUALAPAI H	$105.96	2023 & PRIOR
9953	R0225457	33089295	WALKER JOSEPH CHARLES	SECTION 23 TOWNSHIP 18N RANGE 19W HUALAPAI H	$105.96	2023 & PRIOR
9954	R0225461	33089296	WALKER JOSEPH CHARLES	SECTION 23 TOWNSHIP 18N RANGE 19W HUALAPAI H	$105.96	2023 & PRIOR
9955	R0225465	33089297	WALKER JOSEPH CHARLES	SECTION 23 TOWNSHIP 18N RANGE 19W HUALAPAI H	$67.81	2023 & PRIOR
9956	R0225469	33089298	WALKER JOSEPH CHARLES	SECTION 23 TOWNSHIP 18N RANGE 19W HUALAPAI H	$105.96	2023 & PRIOR
9957	R0225473	33089299	PINEIRO CARLOS	SECTION 23 TOWNSHIP 18N RANGE 19W HUALAPAI H	$105.96	2023 & PRIOR
9958	R0225477	33089300	NINA'S LLC	SECTION 23 TOWNSHIP 18N RANGE 19W HUALAPAI H	$1,174.58	2023 & PRIOR
9959	R0225481	33089301	NINA'S LLC	SECTION 23 TOWNSHIP 18N RANGE 19W HUALAPAI H	$1,174.58	2023 & PRIOR
9960	R0225485	33089302	NINA'S LLC	SECTION 23 TOWNSHIP 18N RANGE 19W HUALAPAI H	$1,174.58	2023 & PRIOR
9961	R0225489	33089303	LA FRADE CHRISTOPHER A	SECTION 23 TOWNSHIP 18N RANGE 19W HUALAPAI H	$372.12	2023 & PRIOR
9962	R0225493	33089304	KOCUREK KRISTIN	SECTION 23 TOWNSHIP 18N RANGE 19W HUALAPAI H	$848.67	2023 & PRIOR
9963	R0225497	33089305	FUQUE DONALD	SECTION 23 TOWNSHIP 18N RANGE 19W HUALAPAI H	$458.05	2023 & PRIOR
9964	R0225501	33089306	FUQUE DONALD	SECTION 23 TOWNSHIP 18N RANGE 19W HUALAPAI H	$458.05	2023 & PRIOR
9965	R0225505	33089307	FUQUE DONALD	SECTION 23 TOWNSHIP 18N RANGE 19W HUALAPAI H	$458.05	2023 & PRIOR
9966	R0225509	33089308	DEASEY PATRICK	SECTION 23 TOWNSHIP 18N RANGE 19W HUALAPAI H	$123.90	2023 & PRIOR
9967	R0225513	33089309	KOCUREK KRISTIN	SECTION 23 TOWNSHIP 18N RANGE 19W HUALAPAI H	$848.67	2023 & PRIOR
9968	R0225517	33089310	MANDERY WILLIAM & KAREN S	SECTION 23 TOWNSHIP 18N RANGE 19W HUALAPAI H	$123.90	2023 & PRIOR
9969	R0225521	33089311	DESAI SHIVANI	SECTION 23 TOWNSHIP 18N RANGE 19W HUALAPAI H	$38.24	2023
9970	R0225525	33089312	CONNOLLY PHIL	SECTION 23 TOWNSHIP 18N RANGE 19W HUALAPAI H	$658.35	2023 & PRIOR
9971	R0225529	33089313	SHORT JUSTIN	SECTION 23 TOWNSHIP 18N RANGE 19W HUALAPAI H	$123.90	2023 & PRIOR
9972	R0225533	33089314	EDGERTON JERRY C & BETTY J JT	SECTION 23 TOWNSHIP 18N RANGE 19W HUALAPAI H	$188.12	2023 & PRIOR
9973	R0225537	33089315	EDGERTON JERRY C & BETTY J JT	SECTION 23 TOWNSHIP 18N RANGE 19W HUALAPAI H	$75.07	2023 & PRIOR
9974	R0225541	33089316	MC KENNA SANDY	SECTION 23 TOWNSHIP 18N RANGE 19W HUALAPAI H	$35.49	2023
9975	R0225545	33089317	CAMUS SAMUEL	SECTION 23 TOWNSHIP 18N RANGE 19W HUALAPAI H	$658.35	2023 & PRIOR
9976	R0225549	33089318	CAMUS SAMUEL	SECTION 23 TOWNSHIP 18N RANGE 19W HUALAPAI H	$2,140.96	2023 & PRIOR
9977	R0225553	33089319	DE LA PUENTE ELEANOR	SECTION 1 TOWNSHIP 18N RANGE 19W LAKE HEAD	$53.22	2023
9978	R0225557	33089320	WHITE LILLIAN	SECTION 1 TOWNSHIP 18N RANGE 19W LAKE HEAD	$33.30	2023
9979	R0225561	33089321	ANDERSON ALICE	SECTION 1 TOWNSHIP 18N RANGE 19W LAKE HEAD	$33.30	2023
9980	R0225565	33089322	RODRICK MICHELE D	SECTION 1 TOWNSHIP 18N RANGE 19W LAKE HEAD	$422.07	2023 & PRIOR
9981	R0225569	33089323	BAXTER NATALIE JO	SECTION 1 TOWNSHIP 18N RANGE 19W LAKE HEAD	$82.54	2023 & PRIOR
9982	R0225573	33089324	STOLDER JOANNE M EST OF	SECTION 1 TOWNSHIP 18N RANGE 19W LAKE HEAD	$2,080.80	2023 & PRIOR
9983	R0225577	33089325	STOLDER JOANNE M EST OF	SECTION 1 TOWNSHIP 18N RANGE 19W LAKE HEAD	$2,191.22	2023 & PRIOR
9984	R0225581	33089326	FLEPPER STANLEY HUGHES	SECTION 1 TOWNSHIP 18N RANGE 19W LAKE HEAD	$166.68	2023 & PRIOR
9985	R0225585	33089327	DERVIN DAVID & NANCY G JT	SECTION 1 TOWNSHIP 18N RANGE 19W LAKE HEAD	$165.67	2023 & PRIOR
9986	R0225589	33089328	MILLER CHARON J	SECTION 1 TOWNSHIP 18N RANGE 19W LAKE HEAD	$92.41	2023 & PRIOR
9987	R0225593	33089329	MILLER CHARON J	SECTION 1 TOWNSHIP 18N RANGE 19W LAKE HEAD	$92.41	2023 & PRIOR
9988	R0225597	33089330	DEUKER GERALD	SECTION 1 TOWNSHIP 18N RANGE 19W LAKE HEAD	$61.48	2023
9989	R0225601	33089331	BARLOS JOANN	SECTION 1 TOWNSHIP 18N RANGE 19W LAKE HEAD	$135.80	2023 & PRIOR
9990	R0225605	33089332	CUSTOM GREAT LAKE LLC	SECTION 1 TOWNSHIP 18N RANGE 19W LAKE HEAD	$268.80	2023 & PRIOR
9991	R0225609	33089333	CONDE DALE MURPHEY	SECTION 1 TOWNSHIP 18N RANGE 19W LAKE HEAD	$176.16	2023 & PRIOR
9992	R0225613	33089334	LAND OF THE FREE LLC	SECTION 1 TOWNSHIP 18N RANGE 19W LAKE HEAD	$77.65	2023 & PRIOR
9993	R0225617	33089335	LAND OF THE FREE LLC	SECTION 1 TOWNSHIP 18N RANGE 19W LAKE HEAD	$77.65	2023 & PRIOR
9994	R0225621	33089336	SCHULTZ STEVEN M III	SECTION 1 TOWNSHIP 18N RANGE 19W LAKE HEAD	$2,080.99	2023 & PRIOR
